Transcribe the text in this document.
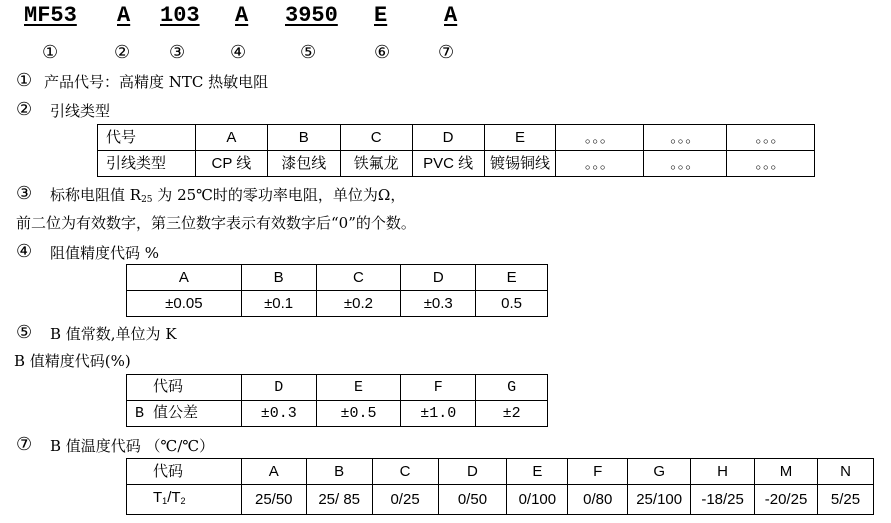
MF53 A 103 A 3950 E	A
①	② ③ ④	⑤	⑥	⑦
① 产品代号：高精度 NTC 热敏电阻
② 引线类型
代号	A	B	C	D	E	。。。	。。。	。。。
引线类型	CP 线	漆包线	铁氟龙	PVC 线	镀锡铜线	。。。	。。。	。。。
③ 标称电阻值 $R_{25}$ 为 25℃时的零功率电阻，单位为Ω，
前二位为有效数字，第三位数字表示有效数字后“0”的个数。
④ 阻值精度代码 %
A	B	C	D	E
±0.05	±0.1	±0.2	±0.3	0.5
⑤ B 值常数,单位为 K
B 值精度代码(%)
代码	D	E	F	G
B 值公差	±0.3	±0.5	±1.0	±2
⑦ B 值温度代码 （℃/℃）
代码	A	B	C	D	E	F	G	H	M	N
$T_1/T_2$	25/50	25/ 85	0/25	0/50	0/100	0/80	25/100	-18/25	-20/25	5/25
